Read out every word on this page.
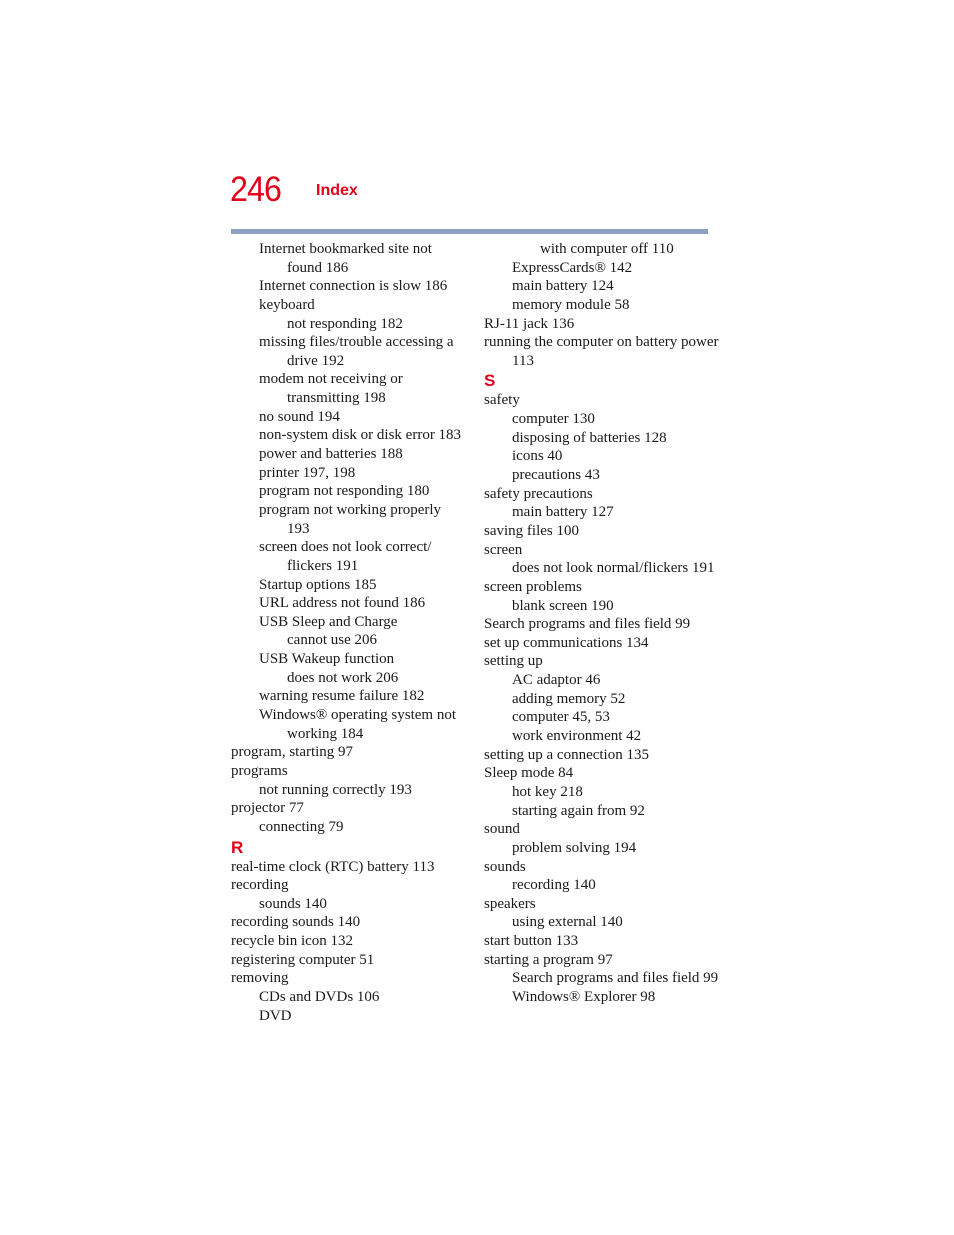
246 Index
Internet bookmarked site not
found 186
Internet connection is slow 186
keyboard
not responding 182
missing files/trouble accessing a
drive 192
modem not receiving or
transmitting 198
no sound 194
non-system disk or disk error 183
power and batteries 188
printer 197, 198
program not responding 180
program not working properly
193
screen does not look correct/
flickers 191
Startup options 185
URL address not found 186
USB Sleep and Charge
cannot use 206
USB Wakeup function
does not work 206
warning resume failure 182
Windows® operating system not
working 184
program, starting 97
programs
not running correctly 193
projector 77
connecting 79
R
real-time clock (RTC) battery 113
recording
sounds 140
recording sounds 140
recycle bin icon 132
registering computer 51
removing
CDs and DVDs 106
DVD
with computer off 110
ExpressCards® 142
main battery 124
memory module 58
RJ-11 jack 136
running the computer on battery power
113
S
safety
computer 130
disposing of batteries 128
icons 40
precautions 43
safety precautions
main battery 127
saving files 100
screen
does not look normal/flickers 191
screen problems
blank screen 190
Search programs and files field 99
set up communications 134
setting up
AC adaptor 46
adding memory 52
computer 45, 53
work environment 42
setting up a connection 135
Sleep mode 84
hot key 218
starting again from 92
sound
problem solving 194
sounds
recording 140
speakers
using external 140
start button 133
starting a program 97
Search programs and files field 99
Windows® Explorer 98
